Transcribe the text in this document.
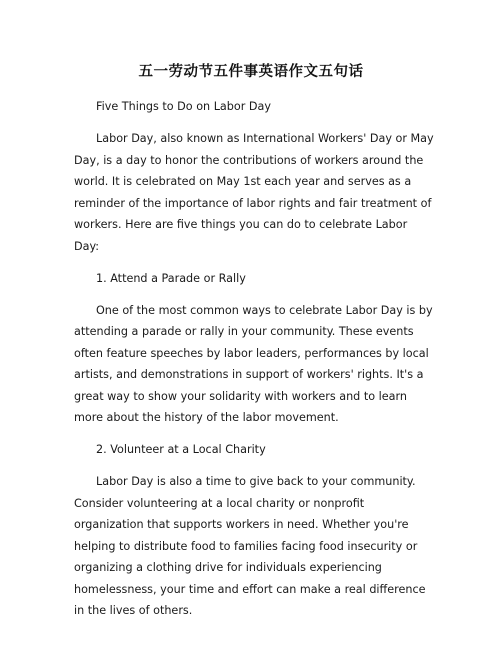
五一劳动节五件事英语作文五句话

Five Things to Do on Labor Day

Labor Day, also known as International Workers' Day or May Day, is a day to honor the contributions of workers around the world. It is celebrated on May 1st each year and serves as a reminder of the importance of labor rights and fair treatment of workers. Here are five things you can do to celebrate Labor Day:

1. Attend a Parade or Rally

One of the most common ways to celebrate Labor Day is by attending a parade or rally in your community. These events often feature speeches by labor leaders, performances by local artists, and demonstrations in support of workers' rights. It's a great way to show your solidarity with workers and to learn more about the history of the labor movement.

2. Volunteer at a Local Charity

Labor Day is also a time to give back to your community. Consider volunteering at a local charity or nonprofit organization that supports workers in need. Whether you're helping to distribute food to families facing food insecurity or organizing a clothing drive for individuals experiencing homelessness, your time and effort can make a real difference in the lives of others.
